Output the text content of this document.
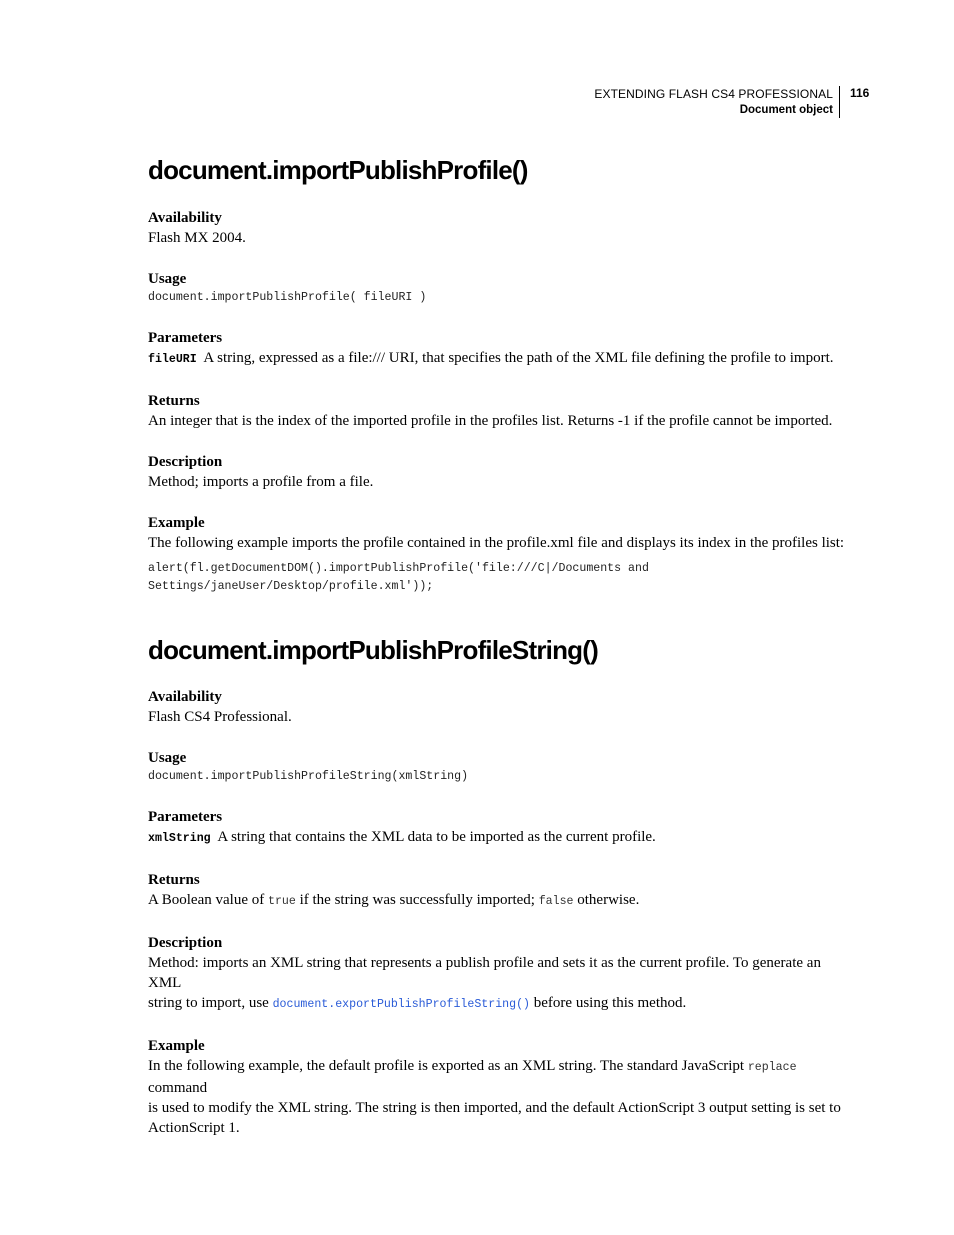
EXTENDING FLASH CS4 PROFESSIONAL
Document object
116
document.importPublishProfile()
Availability

Flash MX 2004.

Usage
document.importPublishProfile( fileURI )
Parameters

fileURI A string, expressed as a file:/// URI, that specifies the path of the XML file defining the profile to import.

Returns

An integer that is the index of the imported profile in the profiles list. Returns -1 if the profile cannot be imported.

Description

Method; imports a profile from a file.

Example

The following example imports the profile contained in the profile.xml file and displays its index in the profiles list:

alert(fl.getDocumentDOM().importPublishProfile('file:///C|/Documents and
Settings/janeUser/Desktop/profile.xml'));
document.importPublishProfileString()
Availability

Flash CS4 Professional.

Usage
document.importPublishProfileString(xmlString)
Parameters

xmlString A string that contains the XML data to be imported as the current profile.

Returns

A Boolean value of true if the string was successfully imported; false otherwise.

Description

Method: imports an XML string that represents a publish profile and sets it as the current profile. To generate an XML

string to import, use document.exportPublishProfileString() before using this method.

Example

In the following example, the default profile is exported as an XML string. The standard JavaScript replace command

is used to modify the XML string. The string is then imported, and the default ActionScript 3 output setting is set to

ActionScript 1.
